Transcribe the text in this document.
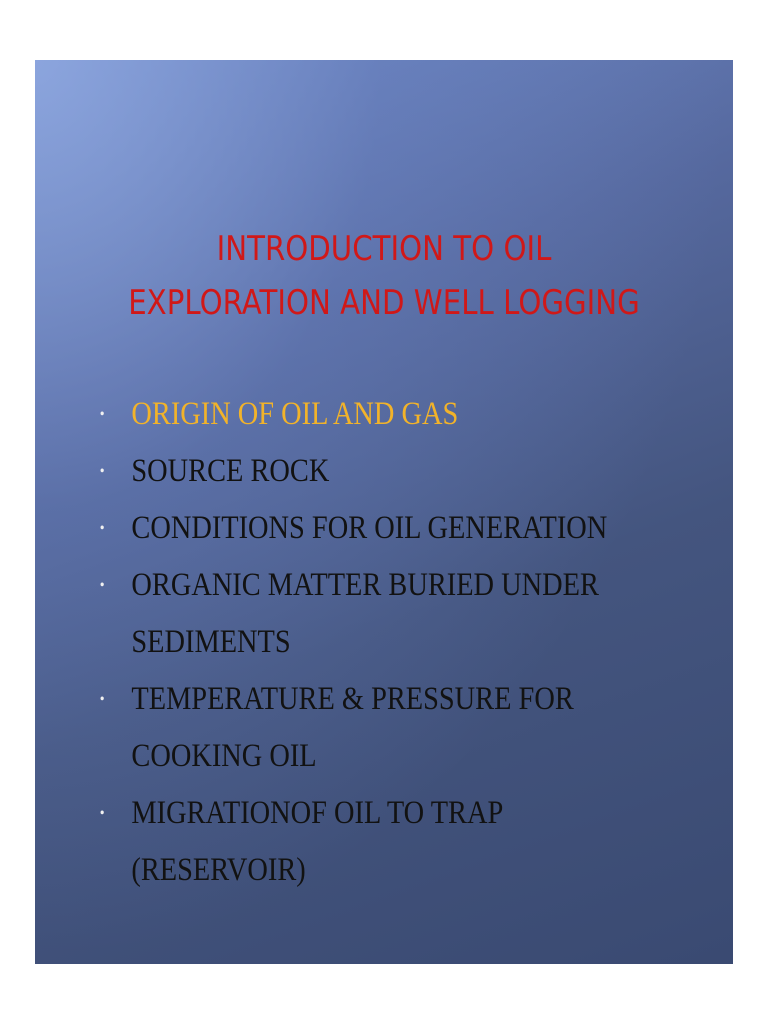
INTRODUCTION TO OIL
EXPLORATION AND WELL LOGGING
• ORIGIN OF OIL AND GAS
• SOURCE ROCK
• CONDITIONS FOR OIL GENERATION
• ORGANIC MATTER BURIED UNDER
SEDIMENTS
• TEMPERATURE & PRESSURE FOR
COOKING OIL
• MIGRATIONOF OIL TO TRAP
(RESERVOIR)
